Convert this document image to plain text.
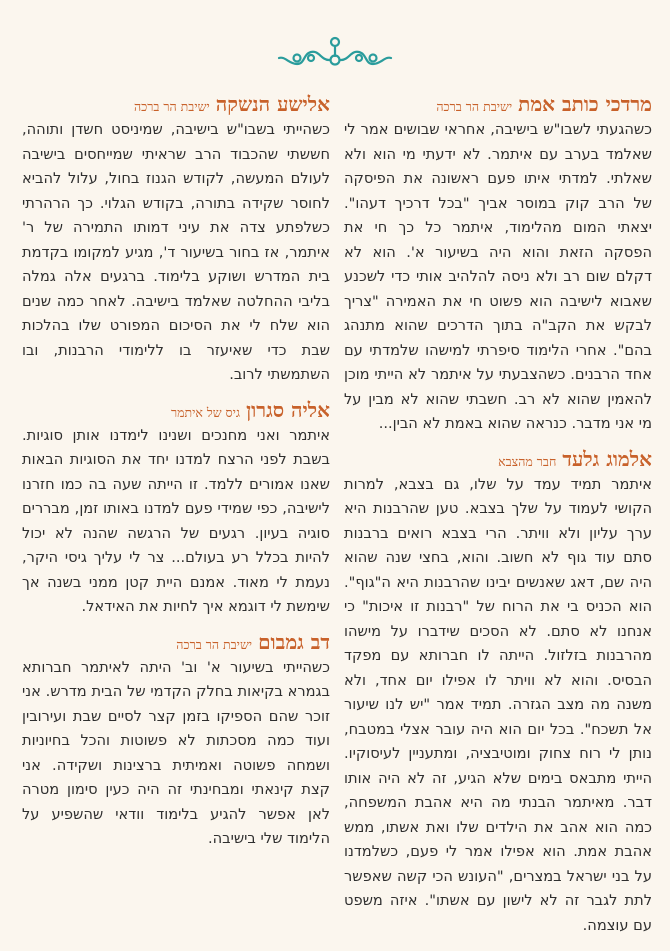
מרדכי כותב אמת
ישיבת הר ברכה

כשהגעתי לשבו"ש בישיבה, אחראי שבושים אמר לי שאלמד בערב עם איתמר. לא ידעתי מי הוא ולא שאלתי. למדתי איתו פעם ראשונה את הפיסקה של הרב קוק במוסר אביך "בכל דרכיך דעהו". יצאתי המום מהלימוד, איתמר כל כך חי את הפסקה הזאת והוא היה בשיעור א'. הוא לא דקלם שום רב ולא ניסה להלהיב אותי כדי לשכנע שאבוא לישיבה הוא פשוט חי את האמירה "צריך לבקש את הקב"ה בתוך הדרכים שהוא מתנהג בהם". אחרי הלימוד סיפרתי למישהו שלמדתי עם אחד הרבנים. כשהצבעתי על איתמר לא הייתי מוכן להאמין שהוא לא רב. חשבתי שהוא לא מבין על מי אני מדבר. כנראה שהוא באמת לא הבין...

אלמוג גלעד
חבר מהצבא

איתמר תמיד עמד על שלו, גם בצבא, למרות הקושי לעמוד על שלך בצבא. טען שהרבנות היא ערך עליון ולא וויתר. הרי בצבא רואים ברבנות סתם עוד גוף לא חשוב. והוא, בחצי שנה שהוא היה שם, דאג שאנשים יבינו שהרבנות היא ה"גוף". הוא הכניס בי את הרוח של "רבנות זו איכות" כי אנחנו לא סתם. לא הסכים שידברו על מישהו מהרבנות בזלזול. הייתה לו חברותא עם מפקד הבסיס. והוא לא וויתר לו אפילו יום אחד, ולא משנה מה מצב הגזרה. תמיד אמר "יש לנו שיעור אל תשכח". בכל יום הוא היה עובר אצלי במטבח, נותן לי רוח צחוק ומוטיבציה, ומתעניין לעיסוקיו. הייתי מתבאס בימים שלא הגיע, זה לא היה אותו דבר. מאיתמר הבנתי מה היא אהבת המשפחה, כמה הוא אהב את הילדים שלו ואת אשתו, ממש אהבת אמת. הוא אפילו אמר לי פעם, כשלמדנו על בני ישראל במצרים, "העונש הכי קשה שאפשר לתת לגבר זה לא לישון עם אשתו". איזה משפט עם עוצמה.

אלישע הנשקה
ישיבת הר ברכה

כשהייתי בשבו"ש בישיבה, שמיניסט חשדן ותוהה, חששתי שהכבוד הרב שראיתי שמייחסים בישיבה לעולם המעשה, לקודש הגנוז בחול, עלול להביא לחוסר שקידה בתורה, בקודש הגלוי. כך הרהרתי כשלפתע צדה את עיני דמותו התמירה של ר' איתמר, אז בחור בשיעור ד', מגיע למקומו בקדמת בית המדרש ושוקע בלימוד. ברגעים אלה גמלה בליבי ההחלטה שאלמד בישיבה. לאחר כמה שנים הוא שלח לי את הסיכום המפורט שלו בהלכות שבת כדי שאיעזר בו ללימודי הרבנות, ובו השתמשתי לרוב.

אליה סגרון
גיס של איתמר

איתמר ואני מחנכים ושנינו לימדנו אותן סוגיות. בשבת לפני הרצח למדנו יחד את הסוגיות הבאות שאנו אמורים ללמד. זו הייתה שעה בה כמו חזרנו לישיבה, כפי שמידי פעם למדנו באותו זמן, מבררים סוגיה בעיון. רגעים של הרגשה שהנה לא יכול להיות בכלל רע בעולם... צר לי עליך גיסי היקר, נעמת לי מאוד. אמנם היית קטן ממני בשנה אך שימשת לי דוגמא איך לחיות את האידאל.

דב גמבום
ישיבת הר ברכה

כשהייתי בשיעור א' וב' היתה לאיתמר חברותא בגמרא בקיאות בחלק הקדמי של הבית מדרש. אני זוכר שהם הספיקו בזמן קצר לסיים שבת ועירובין ועוד כמה מסכתות לא פשוטות והכל בחיוניות ושמחה פשוטה ואמיתית ברצינות ושקידה. אני קצת קינאתי ומבחינתי זה היה כעין סימון מטרה לאן אפשר להגיע בלימוד וודאי שהשפיע על הלימוד שלי בישיבה.
